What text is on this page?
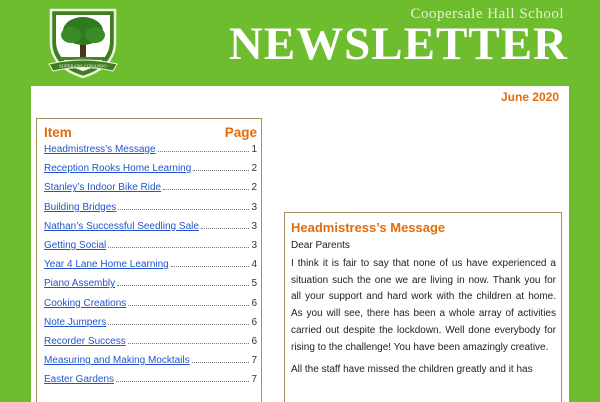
SUPERANS CONANDO
Coopersale Hall School
NEWSLETTER
June 2020
Item	Page
Headmistress’s Message	1
Reception Rooks Home Learning	2
Stanley’s Indoor Bike Ride	2
Building Bridges	3
Nathan’s Successful Seedling Sale	3
Getting Social	3
Year 4 Lane Home Learning	4
Piano Assembly	5
Cooking Creations	6
Note Jumpers	6
Recorder Success	6
Measuring and Making Mocktails	7
Easter Gardens	7
Headmistress’s Message
Dear Parents

I think it is fair to say that none of us have experienced a situation such the one we are living in now. Thank you for all your support and hard work with the children at home. As you will see, there has been a whole array of activities carried out despite the lockdown. Well done everybody for rising to the challenge! You have been amazingly creative.

All the staff have missed the children greatly and it has
